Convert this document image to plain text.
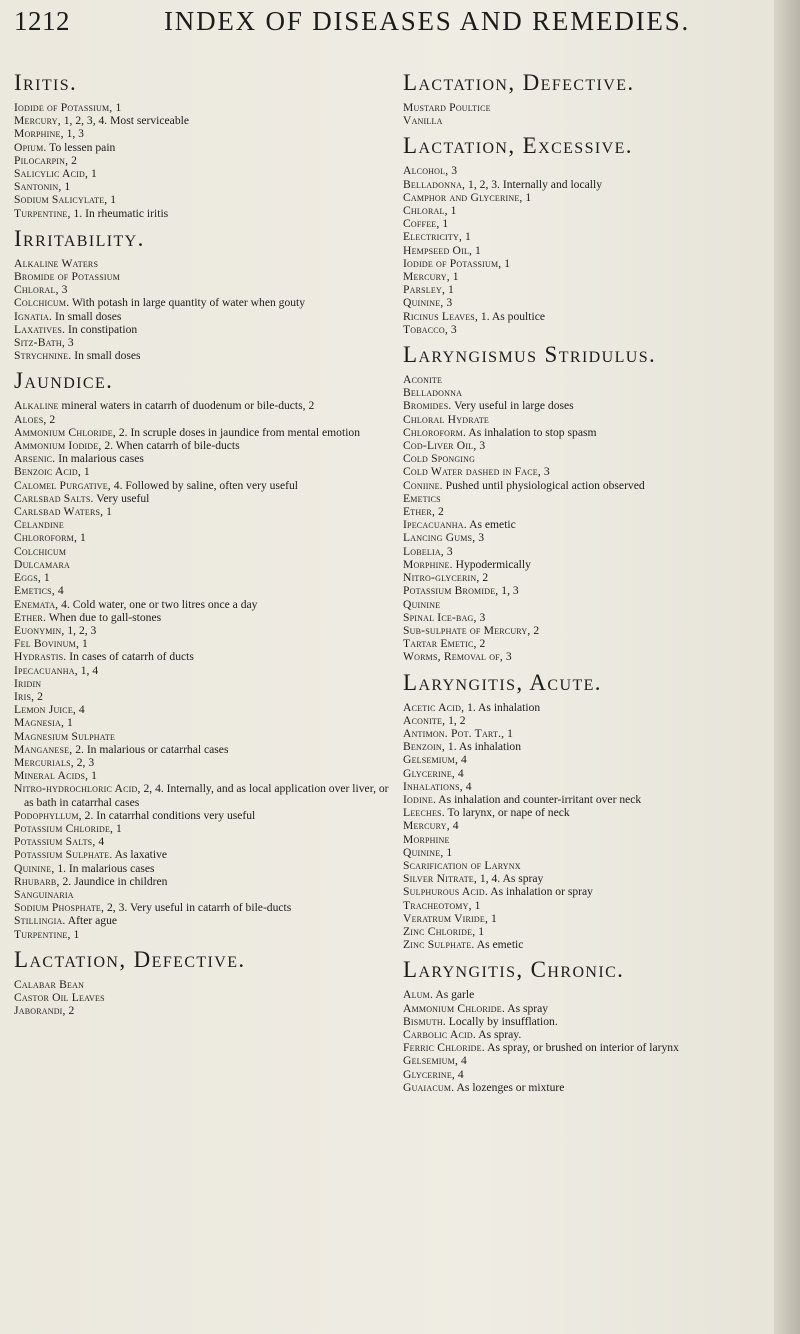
1212	INDEX OF DISEASES AND REMEDIES.
Iritis.

Iodide of Potassium, 1

Mercury, 1, 2, 3, 4. Most serviceable

Morphine, 1, 3

Opium. To lessen pain

Pilocarpin, 2

Salicylic Acid, 1

Santonin, 1

Sodium Salicylate, 1

Turpentine, 1. In rheumatic iritis

Irritability.

Alkaline Waters

Bromide of Potassium

Chloral, 3

Colchicum. With potash in large quantity of water when gouty

Ignatia. In small doses

Laxatives. In constipation

Sitz-Bath, 3

Strychnine. In small doses

Jaundice.

Alkaline mineral waters in catarrh of duodenum or bile-ducts, 2

Aloes, 2

Ammonium Chloride, 2. In scruple doses in jaundice from mental emotion

Ammonium Iodide, 2. When catarrh of bile-ducts

Arsenic. In malarious cases

Benzoic Acid, 1

Calomel Purgative, 4. Followed by saline, often very useful

Carlsbad Salts. Very useful

Carlsbad Waters, 1

Celandine

Chloroform, 1

Colchicum

Dulcamara

Eggs, 1

Emetics, 4

Enemata, 4. Cold water, one or two litres once a day

Ether. When due to gall-stones

Euonymin, 1, 2, 3

Fel Bovinum, 1

Hydrastis. In cases of catarrh of ducts

Ipecacuanha, 1, 4

Iridin

Iris, 2

Lemon Juice, 4

Magnesia, 1

Magnesium Sulphate

Manganese, 2. In malarious or catarrhal cases

Mercurials, 2, 3

Mineral Acids, 1

Nitro-hydrochloric Acid, 2, 4. Internally, and as local application over liver, or as bath in catarrhal cases

Podophyllum, 2. In catarrhal conditions very useful

Potassium Chloride, 1

Potassium Salts, 4

Potassium Sulphate. As laxative

Quinine, 1. In malarious cases

Rhubarb, 2. Jaundice in children

Sanguinaria

Sodium Phosphate, 2, 3. Very useful in catarrh of bile-ducts

Stillingia. After ague

Turpentine, 1

Lactation, Defective.

Calabar Bean

Castor Oil Leaves

Jaborandi, 2

Lactation, Defective.

Mustard Poultice

Vanilla

Lactation, Excessive.

Alcohol, 3

Belladonna, 1, 2, 3. Internally and locally

Camphor and Glycerine, 1

Chloral, 1

Coffee, 1

Electricity, 1

Hempseed Oil, 1

Iodide of Potassium, 1

Mercury, 1

Parsley, 1

Quinine, 3

Ricinus Leaves, 1. As poultice

Tobacco, 3

Laryngismus Stridulus.

Aconite

Belladonna

Bromides. Very useful in large doses

Chloral Hydrate

Chloroform. As inhalation to stop spasm

Cod-Liver Oil, 3

Cold Sponging

Cold Water dashed in Face, 3

Coniine. Pushed until physiological action observed

Emetics

Ether, 2

Ipecacuanha. As emetic

Lancing Gums, 3

Lobelia, 3

Morphine. Hypodermically

Nitro-glycerin, 2

Potassium Bromide, 1, 3

Quinine

Spinal Ice-bag, 3

Sub-sulphate of Mercury, 2

Tartar Emetic, 2

Worms, Removal of, 3

Laryngitis, Acute.

Acetic Acid, 1. As inhalation

Aconite, 1, 2

Antimon. Pot. Tart., 1

Benzoin, 1. As inhalation

Gelsemium, 4

Glycerine, 4

Inhalations, 4

Iodine. As inhalation and counter-irritant over neck

Leeches. To larynx, or nape of neck

Mercury, 4

Morphine

Quinine, 1

Scarification of Larynx

Silver Nitrate, 1, 4. As spray

Sulphurous Acid. As inhalation or spray

Tracheotomy, 1

Veratrum Viride, 1

Zinc Chloride, 1

Zinc Sulphate. As emetic

Laryngitis, Chronic.

Alum. As garle

Ammonium Chloride. As spray

Bismuth. Locally by insufflation.

Carbolic Acid. As spray.

Ferric Chloride. As spray, or brushed on interior of larynx

Gelsemium, 4

Glycerine, 4

Guaiacum. As lozenges or mixture
